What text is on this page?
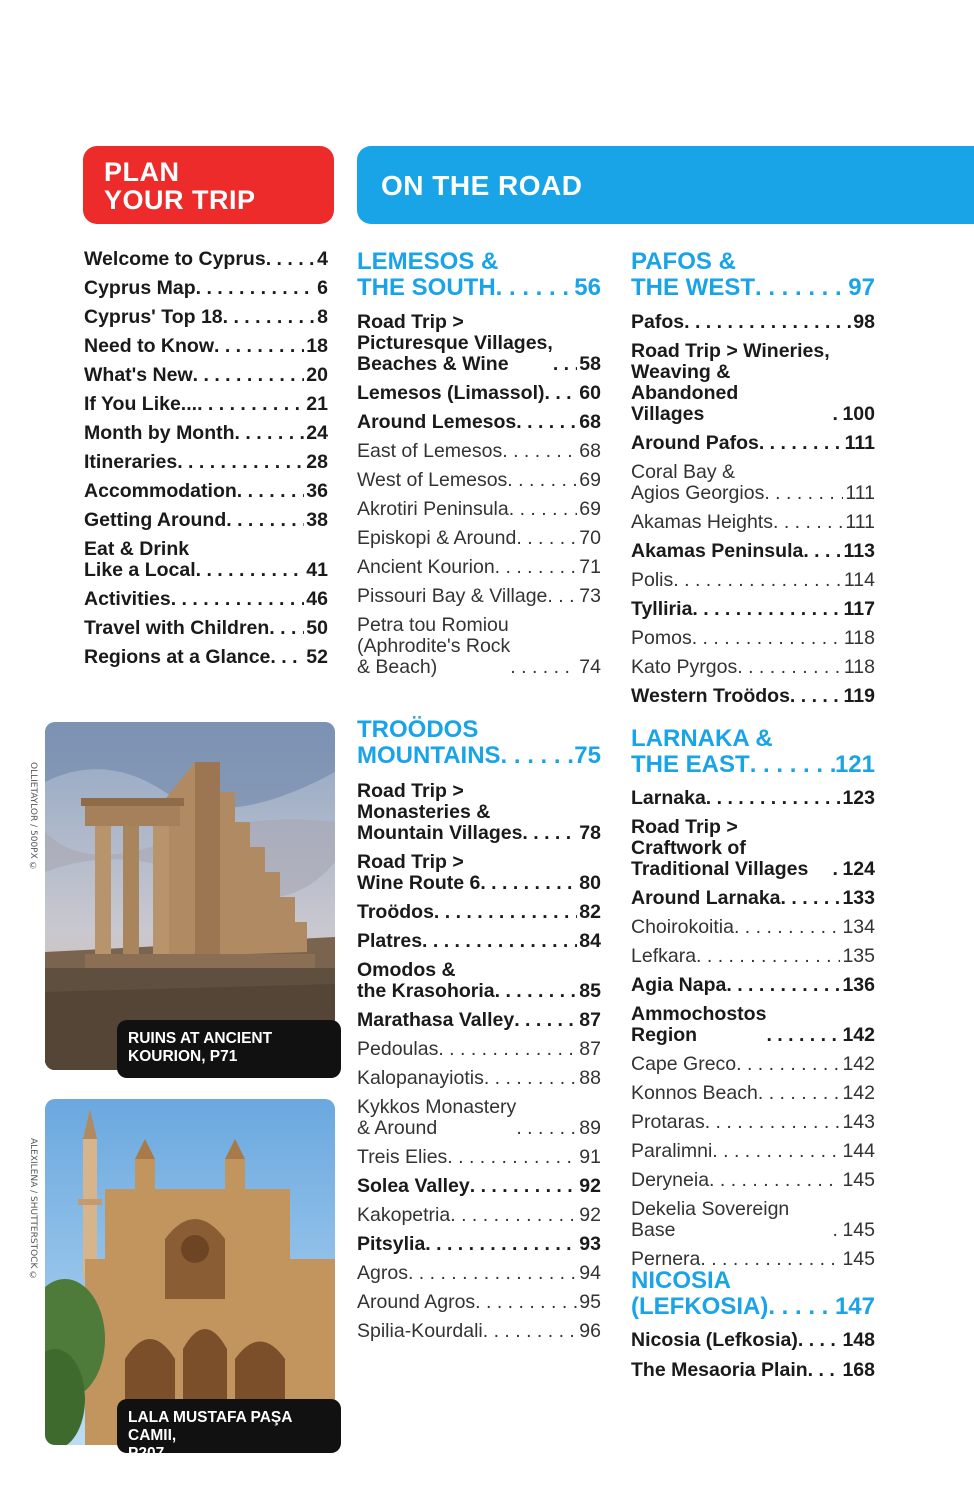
PLAN
YOUR TRIP	ON THE ROAD
Welcome to Cyprus . . .	4
Cyprus Map . . .	6
Cyprus' Top 18 . . .	8
Need to Know . . .	18
What's New . . .	20
If You Like... . . .	21
Month by Month . . .	24
Itineraries . . .	28
Accommodation . . .	36
Getting Around . . .	38
Eat & Drink
Like a Local . . .	41
Activities . . .	46
Travel with Children . . . 50
Regions at a Glance . . . 52
LEMESOS &
THE SOUTH . . .	56
Road Trip >
Picturesque Villages,
Beaches & Wine . . .	58
Lemesos (Limassol) . . . 60
Around Lemesos . . .	68
East of Lemesos . . .	68
West of Lemesos . . .	69
Akrotiri Peninsula . . .	69
Episkopi & Around . . .	70
Ancient Kourion . . .	71
Pissouri Bay & Village . . . 73
Petra tou Romiou
(Aphrodite's Rock
& Beach) . . .	74
TROÖDOS
MOUNTAINS . . .	75
Road Trip >
Monasteries &
Mountain Villages . . .	78
Road Trip >
Wine Route 6 . . .	80
Troödos . . .	82
Platres . . .	84
Omodos &
the Krasohoria . . .	85
Marathasa Valley . . .	87
Pedoulas . . .	87
Kalopanayiotis . . .	88
Kykkos Monastery
& Around . . .	89
Treis Elies . . .	91
Solea Valley . . .	92
Kakopetria . . .	92
Pitsylia . . .	93
Agros . . .	94
Around Agros . . .	95
Spilia-Kourdali . . .	96
PAFOS &
THE WEST . . .	97
Pafos . . .	98
Road Trip > Wineries,
Weaving & Abandoned
Villages . . .	100
Around Pafos . . .	111
Coral Bay &
Agios Georgios . . .	111
Akamas Heights . . .	111
Akamas Peninsula . . . 113
Polis . . .	114
Tylliria . . .	117
Pomos . . .	118
Kato Pyrgos . . .	118
Western Troödos . . .	119
LARNAKA &
THE EAST . . .	121
Larnaka . . .	123
Road Trip > Craftwork of
Traditional Villages . . .	124
Around Larnaka . . .	133
Choirokoitia . . .	134
Lefkara . . .	135
Agia Napa . . .	136
Ammochostos
Region . . .	142
Cape Greco . . .	142
Konnos Beach . . .	142
Protaras . . .	143
Paralimni . . .	144
Deryneia . . .	145
Dekelia Sovereign Base . . .	145
Pernera . . .	145
NICOSIA
(LEFKOSIA) . . .	147
Nicosia (Lefkosia) . . . 148
The Mesaoria Plain . . . 168
OLLIETAYLOR / 500PX ©
RUINS AT ANCIENT
KOURION, P71
ALEXILENA / SHUTTERSTOCK ©
LALA MUSTAFA PAŞA CAMII,
P207
